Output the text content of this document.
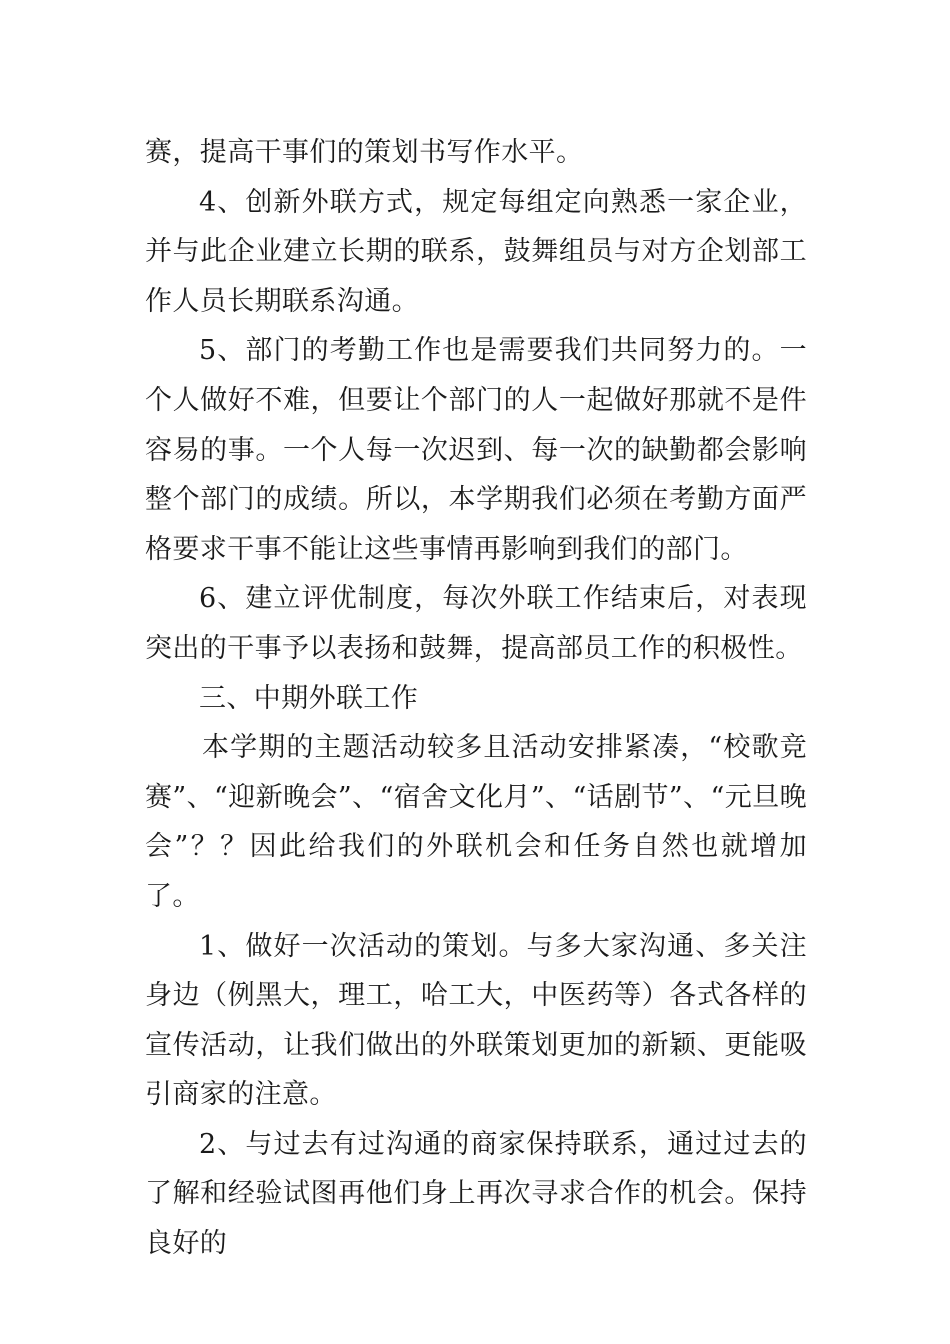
赛，提高干事们的策划书写作水平。

4、创新外联方式，规定每组定向熟悉一家企业，并与此企业建立长期的联系，鼓舞组员与对方企划部工作人员长期联系沟通。

5、部门的考勤工作也是需要我们共同努力的。一个人做好不难，但要让个部门的人一起做好那就不是件容易的事。一个人每一次迟到、每一次的缺勤都会影响整个部门的成绩。所以，本学期我们必须在考勤方面严格要求干事不能让这些事情再影响到我们的部门。

6、建立评优制度，每次外联工作结束后，对表现突出的干事予以表扬和鼓舞，提高部员工作的积极性。

三、中期外联工作

本学期的主题活动较多且活动安排紧凑，“校歌竞赛”、“迎新晚会”、“宿舍文化月”、“话剧节”、“元旦晚会”？？因此给我们的外联机会和任务自然也就增加了。

1、做好一次活动的策划。与多大家沟通、多关注身边（例黑大，理工，哈工大，中医药等）各式各样的宣传活动，让我们做出的外联策划更加的新颖、更能吸引商家的注意。

2、与过去有过沟通的商家保持联系，通过过去的了解和经验试图再他们身上再次寻求合作的机会。保持良好的
